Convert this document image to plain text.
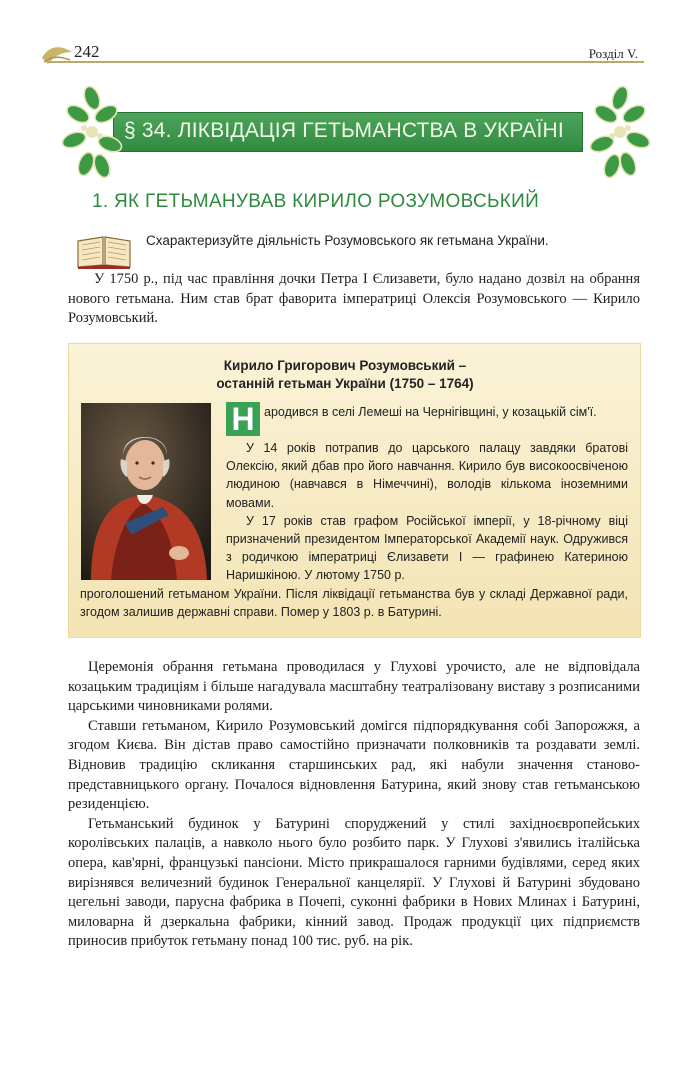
242	Розділ V.
§ 34. ЛІКВІДАЦІЯ ГЕТЬМАНСТВА В УКРАЇНІ
1. ЯК ГЕТЬМАНУВАВ КИРИЛО РОЗУМОВСЬКИЙ
Схарактеризуйте діяльність Розумовського як гетьмана України.

У 1750 р., під час правління дочки Петра І Єлизавети, було надано дозвіл на обрання нового гетьмана. Ним став брат фаворита імператриці Олексія Розумовського — Кирило Розумовський.

Кирило Григорович Розумовський –
останній гетьман України (1750 – 1764)
Н ародився в селі Лемеші на Чернігівщині, у козацькій сім'ї.

У 14 років потрапив до царського палацу завдяки братові Олексію, який дбав про його навчання. Кирило був високоосвіченою людиною (навчався в Німеччині), володів кількома іноземними мовами.
У 17 років став графом Російської імперії, у 18-річному віці призначений президентом Імператорської Академії наук. Одружився з родичкою імператриці Єлизавети І — графинею Катериною Наришкіною. У лютому 1750 р.

проголошений гетьманом України. Після ліквідації гетьманства був у складі Державної ради, згодом залишив державні справи. Помер у 1803 р. в Батурині.

Церемонія обрання гетьмана проводилася у Глухові урочисто, але не відповідала козацьким традиціям і більше нагадувала масштабну театралізовану виставу з розписаними царськими чиновниками ролями.

Ставши гетьманом, Кирило Розумовський домігся підпорядкування собі Запорожжя, а згодом Києва. Він дістав право самостійно призначати полковників та роздавати землі. Відновив традицію скликання старшинських рад, які набули значення станово-представницького органу. Почалося відновлення Батурина, який знову став гетьманською резиденцією.

Гетьманський будинок у Батурині споруджений у стилі західноєвропейських королівських палаців, а навколо нього було розбито парк. У Глухові з'явились італійська опера, кав'ярні, французькі пансіони. Місто прикрашалося гарними будівлями, серед яких вирізнявся величезний будинок Генеральної канцелярії. У Глухові й Батурині збудовано цегельні заводи, парусна фабрика в Почепі, суконні фабрики в Нових Млинах і Батурині, миловарна й дзеркальна фабрики, кінний завод. Продаж продукції цих підприємств приносив прибуток гетьману понад 100 тис. руб. на рік.
